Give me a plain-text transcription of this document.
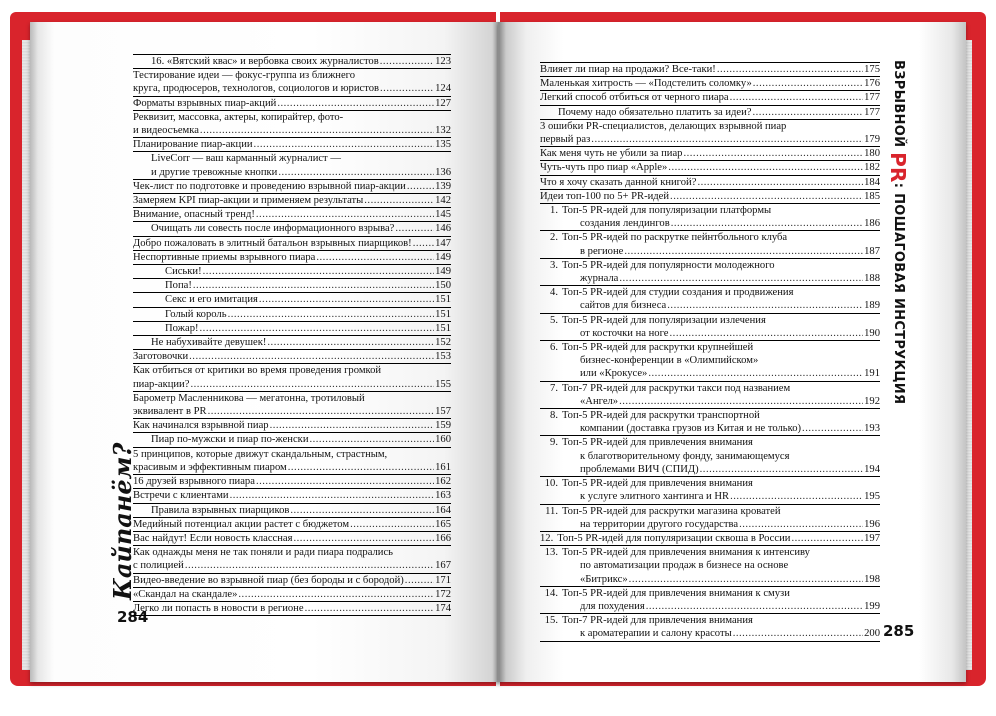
Кайпанём?
284
ВЗРЫВНОЙ PR: ПОШАГОВАЯ ИНСТРУКЦИЯ
285
16. «Вятский квас» и вербовка своих журналистов .....	123
Тестирование идеи — фокус-группа из ближнего
круга, продюсеров, технологов, социологов и юристов .....	124
Форматы взрывных пиар-акций .....	127
Реквизит, массовка, актеры, копирайтер, фото-
и видеосъемка .....	132
Планирование пиар-акции .....	135
LiveCorr — ваш карманный журналист —
и другие тревожные кнопки .....	136
Чек-лист по подготовке и проведению взрывной пиар-акции .....	139
Замеряем KPI пиар-акции и применяем результаты .....	142
Внимание, опасный тренд! .....	145
Очищать ли совесть после информационного взрыва? .....	146
Добро пожаловать в элитный батальон взрывных пиарщиков! ..... 147
Неспортивные приемы взрывного пиара .....	149
Сиськи! .....	149
Попа! .....	150
Секс и его имитация .....	151
Голый король .....	151
Пожар! .....	151
Не набухивайте девушек! .....	152
Заготовочки .....	153
Как отбиться от критики во время проведения громкой
пиар-акции? .....	155
Барометр Масленникова — мегатонна, тротиловый
эквивалент в PR .....	157
Как начинался взрывной пиар .....	159
Пиар по-мужски и пиар по-женски .....	160
5 принципов, которые движут скандальным, страстным,
красивым и эффективным пиаром .....	161
16 друзей взрывного пиара .....	162
Встречи с клиентами .....	163
Правила взрывных пиарщиков .....	164
Медийный потенциал акции растет с бюджетом .....	165
Вас найдут! Если новость классная .....	166
Как однажды меня не так поняли и ради пиара подрались
с полицией .....	167
Видео-введение во взрывной пиар (без бороды и с бородой) .....	171
«Скандал на скандале» .....	172
Легко ли попасть в новости в регионе .....	174
Влияет ли пиар на продажи? Все-таки! .....	175
Маленькая хитрость — «Подстелить соломку» .....	176
Легкий способ отбиться от черного пиара .....	177
Почему надо обязательно платить за идеи? .....	177
3 ошибки PR-специалистов, делающих взрывной пиар
первый раз .....	179
Как меня чуть не убили за пиар .....	180
Чуть-чуть про пиар «Apple» .....	182
Что я хочу сказать данной книгой? .....	184
Идеи топ-100 по 5+ PR-идей .....	185
1. Топ-5 PR-идей для популяризации платформы
создания лендингов .....	186
2. Топ-5 PR-идей по раскрутке пейнтбольного клуба
в регионе .....	187
3. Топ-5 PR-идей для популярности молодежного
журнала .....	188
4. Топ-5 PR-идей для студии создания и продвижения
сайтов для бизнеса .....	189
5. Топ-5 PR-идей для популяризации излечения
от косточки на ноге .....	190
6. Топ-5 PR-идей для раскрутки крупнейшей
бизнес-конференции в «Олимпийском»
или «Крокусе» .....	191
7. Топ-7 PR-идей для раскрутки такси под названием
«Ангел» .....	192
8. Топ-5 PR-идей для раскрутки транспортной
компании (доставка грузов из Китая и не только) .....	193
9. Топ-5 PR-идей для привлечения внимания
к благотворительному фонду, занимающемуся
проблемами ВИЧ (СПИД) .....	194
10. Топ-5 PR-идей для привлечения внимания
к услуге элитного хантинга и HR .....	195
11. Топ-5 PR-идей для раскрутки магазина кроватей
на территории другого государства .....	196
12. Топ-5 PR-идей для популяризации сквоша в России .....	197
13. Топ-5 PR-идей для привлечения внимания к интенсиву
по автоматизации продаж в бизнесе на основе
«Битрикс» .....	198
14. Топ-5 PR-идей для привлечения внимания к смузи
для похудения .....	199
15. Топ-7 PR-идей для привлечения внимания
к ароматерапии и салону красоты .....	200
